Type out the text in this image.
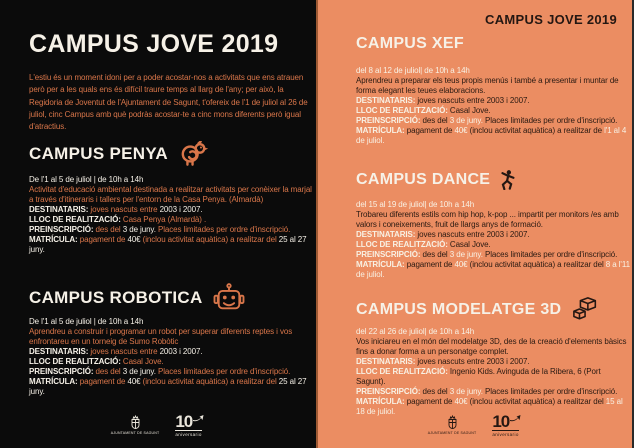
CAMPUS JOVE 2019

L'estiu és un moment idoni per a poder acostar-nos a activitats que ens atrauen però per a les quals ens és difícil traure temps al llarg de l'any; per això, la Regidoria de Joventut de l'Ajuntament de Sagunt, t'ofereix de l'1 de juliol al 26 de juliol, cinc Campus amb què podràs acostar-te a cinc mons diferents però igual d'atractius.

CAMPUS PENYA
De l'1 al 5 de juliol | de 10h a 14h
Activitat d'educació ambiental destinada a realitzar activitats per conèixer la marjal a través d'itineraris i tallers per l'entorn de la Casa Penya. (Almardà)
DESTINATARIS: joves nascuts entre 2003 i 2007.
LLOC DE REALITZACIÓ: Casa Penya (Almardà) .
PREINSCRIPCIÓ: des del 3 de juny. Places limitades per ordre d'inscripció.
MATRÍCULA: pagament de 40€ (inclou activitat aquàtica) a realitzar del 25 al 27 juny.
CAMPUS ROBOTICA
De l'1 al 5 de juliol | de 10h a 14h
Aprendreu a construir i programar un robot per superar diferents reptes i vos enfrontareu en un torneig de Sumo Robòtic
DESTINATARIS: joves nascuts entre 2003 i 2007.
LLOC DE REALITZACIÓ: Casal Jove.
PREINSCRIPCIÓ: des del 3 de juny. Places limitades per ordre d'inscripció.
MATRÍCULA: pagament de 40€ (inclou activitat aquàtica) a realitzar del 25 al 27 juny.
AJUNTAMENT DE SAGUNT
10
aniversario
CAMPUS JOVE 2019
CAMPUS XEF
del 8 al 12 de juliol| de 10h a 14h
Aprendreu a preparar els teus propis menús i també a presentar i muntar de forma elegant les teues elaboracions.
DESTINATARIS: joves nascuts entre 2003 i 2007.
LLOC DE REALITZACIÓ: Casal Jove.
PREINSCRIPCIÓ: des del 3 de juny. Places limitades per ordre d'inscripció.
MATRÍCULA: pagament de 40€ (inclou activitat aquàtica) a realitzar de l'1 al 4 de juliol.
CAMPUS DANCE
del 15 al 19 de juliol| de 10h a 14h
Trobareu diferents estils com hip hop, k-pop ... impartit per monitors /es amb valors i coneixements, fruit de llargs anys de formació.
DESTINATARIS: joves nascuts entre 2003 i 2007.
LLOC DE REALITZACIÓ: Casal Jove.
PREINSCRIPCIÓ: des del 3 de juny. Places limitades per ordre d'inscripció.
MATRÍCULA: pagament de 40€ (inclou activitat aquàtica) a realitzar del 8 a l'11 de juliol.
CAMPUS MODELATGE 3D
del 22 al 26 de juliol| de 10h a 14h
Vos iniciareu en el món del modelatge 3D, des de la creació d'elements bàsics fins a donar forma a un personatge complet.
DESTINATARIS: joves nascuts entre 2003 i 2007.
LLOC DE REALITZACIÓ: Ingenio Kids. Avinguda de la Ribera, 6 (Port Sagunt).
PREINSCRIPCIÓ: des del 3 de juny. Places limitades per ordre d'inscripció.
MATRÍCULA: pagament de 40€ (inclou activitat aquàtica) a realitzar del 15 al 18 de juliol.
AJUNTAMENT DE SAGUNT
10
aniversario
